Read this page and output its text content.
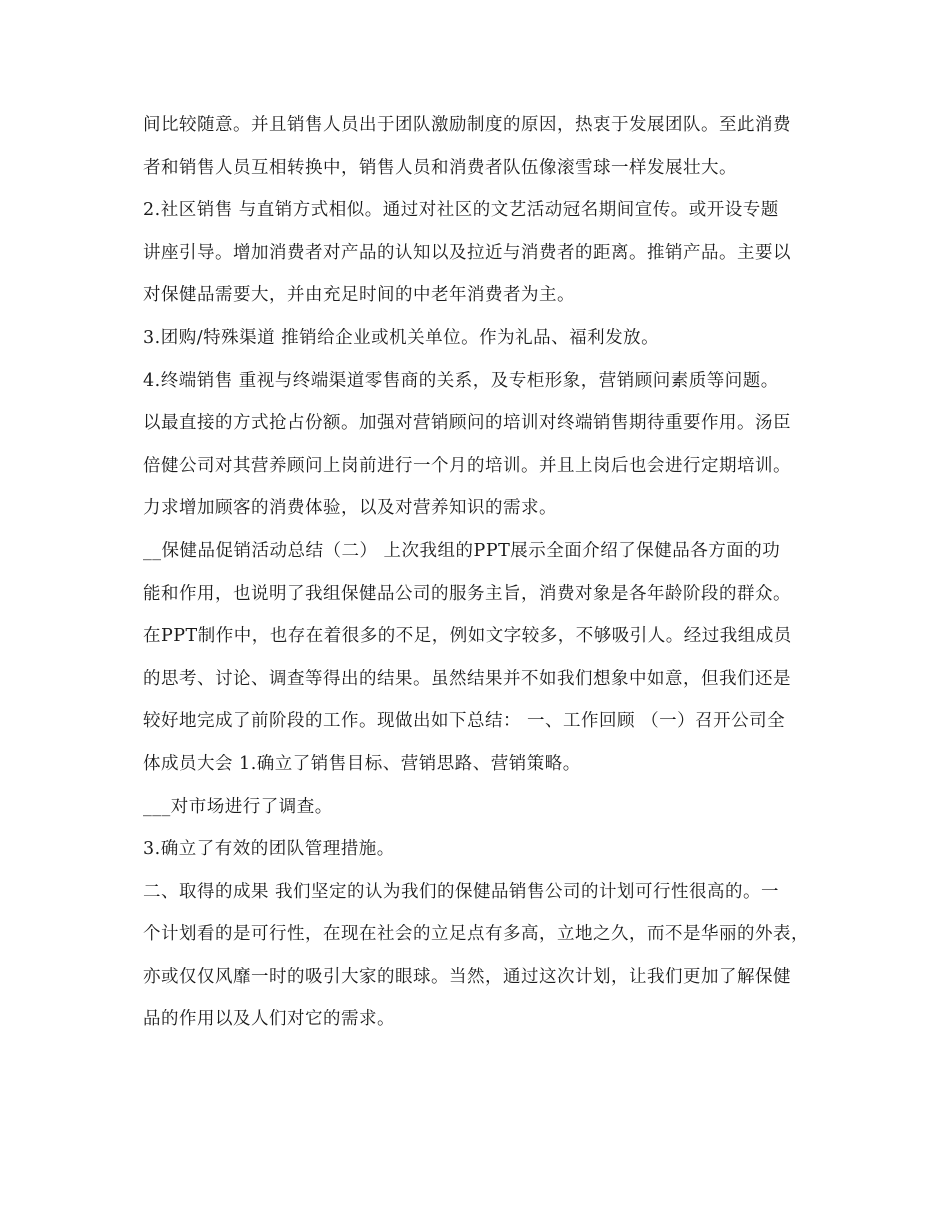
间比较随意。并且销售人员出于团队激励制度的原因，热衷于发展团队。至此消费
者和销售人员互相转换中，销售人员和消费者队伍像滚雪球一样发展壮大。
2.社区销售 与直销方式相似。通过对社区的文艺活动冠名期间宣传。或开设专题
讲座引导。增加消费者对产品的认知以及拉近与消费者的距离。推销产品。主要以
对保健品需要大，并由充足时间的中老年消费者为主。
3.团购/特殊渠道 推销给企业或机关单位。作为礼品、福利发放。
4.终端销售 重视与终端渠道零售商的关系，及专柜形象，营销顾问素质等问题。
以最直接的方式抢占份额。加强对营销顾问的培训对终端销售期待重要作用。汤臣
倍健公司对其营养顾问上岗前进行一个月的培训。并且上岗后也会进行定期培训。
力求增加顾客的消费体验，以及对营养知识的需求。
__保健品促销活动总结（二） 上次我组的PPT展示全面介绍了保健品各方面的功
能和作用，也说明了我组保健品公司的服务主旨，消费对象是各年龄阶段的群众。
在PPT制作中，也存在着很多的不足，例如文字较多，不够吸引人。经过我组成员
的思考、讨论、调查等得出的结果。虽然结果并不如我们想象中如意，但我们还是
较好地完成了前阶段的工作。现做出如下总结： 一、工作回顾 （一）召开公司全
体成员大会 1.确立了销售目标、营销思路、营销策略。
___对市场进行了调查。
3.确立了有效的团队管理措施。
二、取得的成果 我们坚定的认为我们的保健品销售公司的计划可行性很高的。一
个计划看的是可行性，在现在社会的立足点有多高，立地之久，而不是华丽的外表，
亦或仅仅风靡一时的吸引大家的眼球。当然，通过这次计划，让我们更加了解保健
品的作用以及人们对它的需求。
